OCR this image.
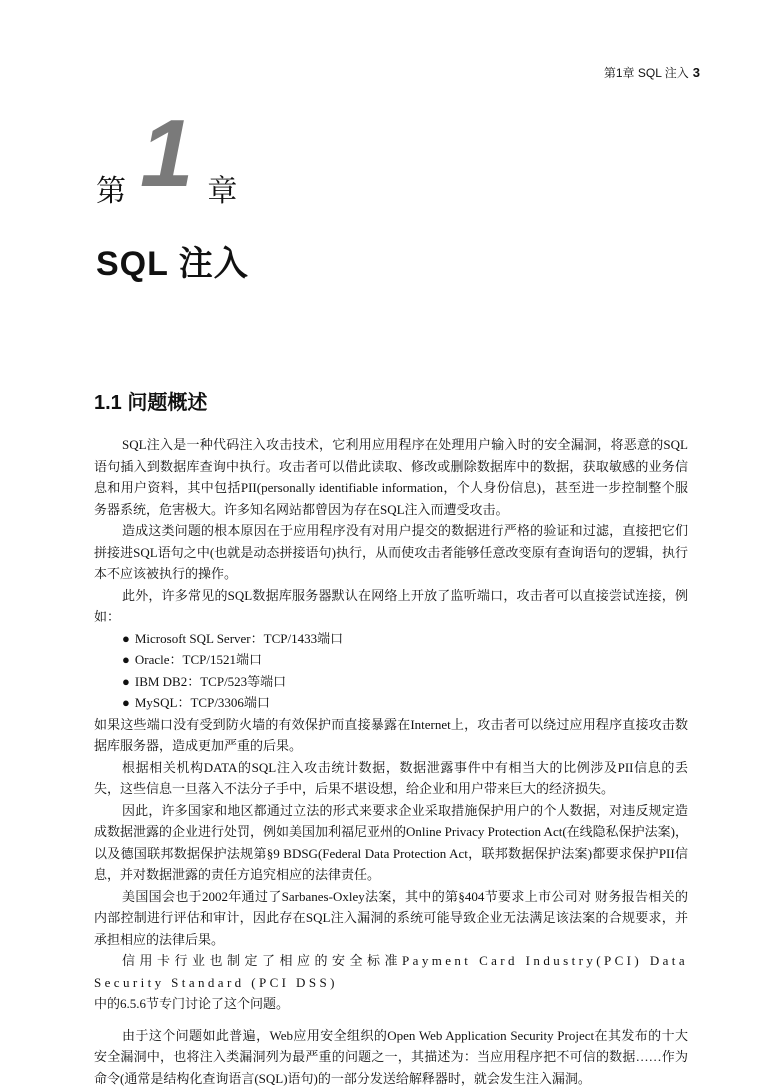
第1章 SQL 注入 3
第 1 章
SQL 注入
1.1 问题概述

SQL注入是一种代码注入攻击技术，它利用应用程序在处理用户输入时的安全漏洞，将恶意的SQL语句插入到数据库查询中执行。攻击者可以借此读取、修改或删除数据库中的数据，获取敏感的业务信息和用户资料，其中包括PII(personally identifiable information，个人身份信息)，甚至进一步控制整个服务器系统，危害极大。许多知名网站都曾因为存在SQL注入而遭受攻击。

造成这类问题的根本原因在于应用程序没有对用户提交的数据进行严格的验证和过滤，直接把它们拼接进SQL语句之中(也就是动态拼接语句)执行，从而使攻击者能够任意改变原有查询语句的逻辑，执行本不应该被执行的操作。

此外，许多常见的SQL数据库服务器默认在网络上开放了监听端口，攻击者可以直接尝试连接，例如：

● Microsoft SQL Server：TCP/1433端口
● Oracle：TCP/1521端口
● IBM DB2：TCP/523等端口
● MySQL：TCP/3306端口

如果这些端口没有受到防火墙的有效保护而直接暴露在Internet上，攻击者可以绕过应用程序直接攻击数据库服务器，造成更加严重的后果。

根据相关机构DATA的SQL注入攻击统计数据，数据泄露事件中有相当大的比例涉及PII信息的丢失，这些信息一旦落入不法分子手中，后果不堪设想，给企业和用户带来巨大的经济损失。

因此，许多国家和地区都通过立法的形式来要求企业采取措施保护用户的个人数据，对违反规定造成数据泄露的企业进行处罚，例如美国加利福尼亚州的Online Privacy Protection Act(在线隐私保护法案)，以及德国联邦数据保护法规第§9 BDSG(Federal Data Protection Act，联邦数据保护法案)都要求保护PII信息，并对数据泄露的责任方追究相应的法律责任。

美国国会也于2002年通过了Sarbanes-Oxley法案，其中的第§404节要求上市公司对 财务报告相关的内部控制进行评估和审计，因此存在SQL注入漏洞的系统可能导致企业无法满足该法案的合规要求，并承担相应的法律后果。

信用卡行业也制定了相应的安全标准Payment Card Industry(PCI) Data Security Standard (PCI DSS)

中的6.5.6节专门讨论了这个问题。

由于这个问题如此普遍，Web应用安全组织的Open Web Application Security Project在其发布的十大安全漏洞中，也将注入类漏洞列为最严重的问题之一，其描述为：当应用程序把不可信的数据……作为命令(通常是结构化查询语言(SQL)语句)的一部分发送给解释器时，就会发生注入漏洞。
